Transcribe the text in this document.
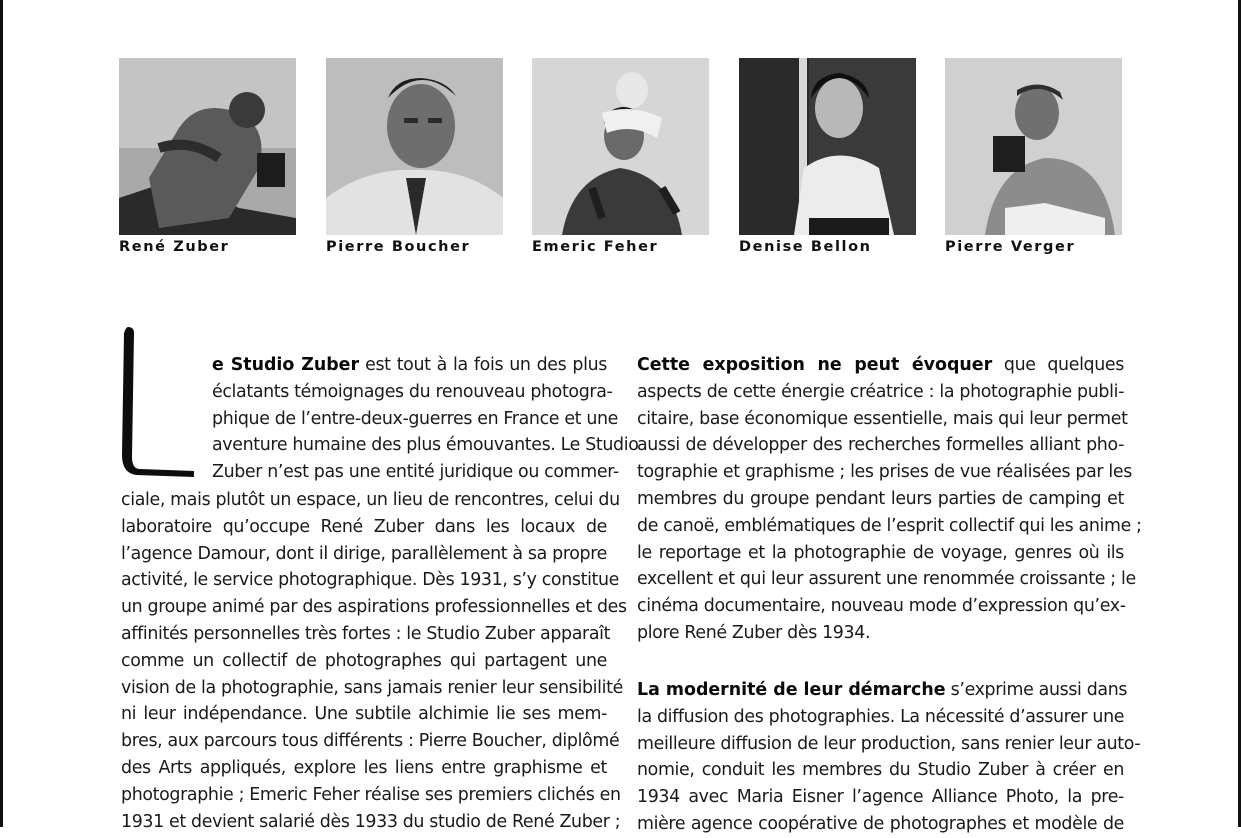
René Zuber	Pierre Boucher	Emeric Feher	Denise Bellon	Pierre Verger
e Studio Zuber est tout à la fois un des plus
éclatants témoignages du renouveau photogra-
phique de l’entre-deux-guerres en France et une
aventure humaine des plus émouvantes. Le Studio
Zuber n’est pas une entité juridique ou commer-
ciale, mais plutôt un espace, un lieu de rencontres, celui du
laboratoire qu’occupe René Zuber dans les locaux de
l’agence Damour, dont il dirige, parallèlement à sa propre
activité, le service photographique. Dès 1931, s’y constitue
un groupe animé par des aspirations professionnelles et des
affinités personnelles très fortes : le Studio Zuber apparaît
comme un collectif de photographes qui partagent une
vision de la photographie, sans jamais renier leur sensibilité
ni leur indépendance. Une subtile alchimie lie ses mem-
bres, aux parcours tous différents : Pierre Boucher, diplômé
des Arts appliqués, explore les liens entre graphisme et
photographie ; Emeric Feher réalise ses premiers clichés en
1931 et devient salarié dès 1933 du studio de René Zuber ;
Cette exposition ne peut évoquer que quelques
aspects de cette énergie créatrice : la photographie publi-
citaire, base économique essentielle, mais qui leur permet
aussi de développer des recherches formelles alliant pho-
tographie et graphisme ; les prises de vue réalisées par les
membres du groupe pendant leurs parties de camping et
de canoë, emblématiques de l’esprit collectif qui les anime ;
le reportage et la photographie de voyage, genres où ils
excellent et qui leur assurent une renommée croissante ; le
cinéma documentaire, nouveau mode d’expression qu’ex-
plore René Zuber dès 1934.
La modernité de leur démarche s’exprime aussi dans
la diffusion des photographies. La nécessité d’assurer une
meilleure diffusion de leur production, sans renier leur auto-
nomie, conduit les membres du Studio Zuber à créer en
1934 avec Maria Eisner l’agence Alliance Photo, la pre-
mière agence coopérative de photographes et modèle de
